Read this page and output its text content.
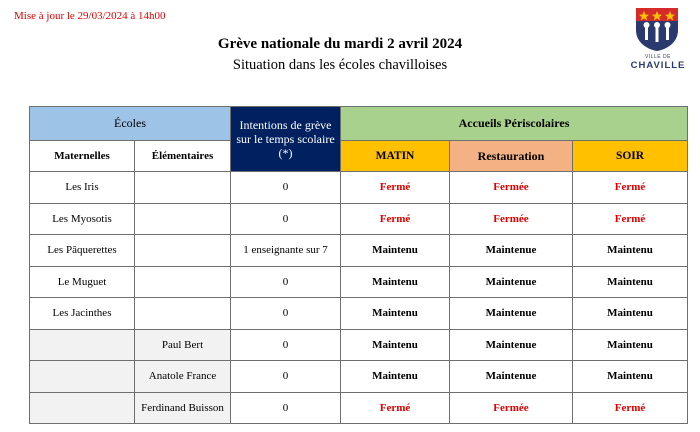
Mise à jour le 29/03/2024 à 14h00
Grève nationale du mardi 2 avril 2024
Situation dans les écoles chavilloises	VILLE DE
CHAVILLE
Écoles		Intentions de grève sur le temps scolaire (*)	Accueils Périscolaires		
Maternelles	Élémentaires		MATIN	Restauration	SOIR
Les Iris		0	Fermé	Fermée	Fermé
Les Myosotis		0	Fermé	Fermée	Fermé
Les Pâquerettes		1 enseignante sur 7	Maintenu	Maintenue	Maintenu
Le Muguet		0	Maintenu	Maintenue	Maintenu
Les Jacinthes		0	Maintenu	Maintenue	Maintenu
	Paul Bert	0	Maintenu	Maintenue	Maintenu
	Anatole France	0	Maintenu	Maintenue	Maintenu
	Ferdinand Buisson	0	Fermé	Fermée	Fermé
